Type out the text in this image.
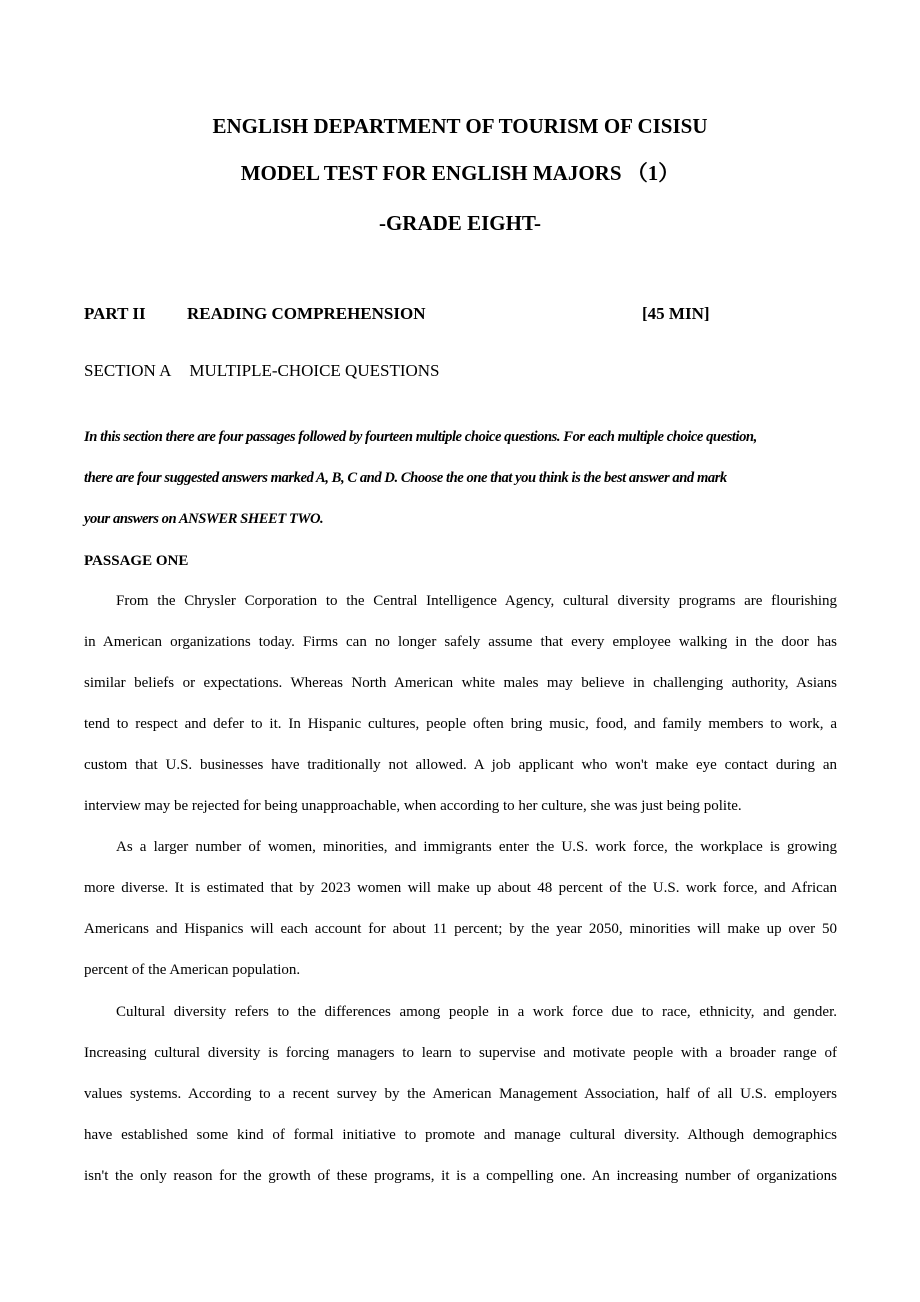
ENGLISH DEPARTMENT OF TOURISM OF CISISU
MODEL TEST FOR ENGLISH MAJORS （1）
-GRADE EIGHT-
PART II READING COMPREHENSION	[45 MIN]
SECTION A MULTIPLE-CHOICE QUESTIONS
In this section there are four passages followed by fourteen multiple choice questions. For each multiple choice question,
there are four suggested answers marked A, B, C and D. Choose the one that you think is the best answer and mark
your answers on ANSWER SHEET TWO.
PASSAGE ONE
From the Chrysler Corporation to the Central Intelligence Agency, cultural diversity programs are flourishing
in American organizations today. Firms can no longer safely assume that every employee walking in the door has
similar beliefs or expectations. Whereas North American white males may believe in challenging authority, Asians
tend to respect and defer to it. In Hispanic cultures, people often bring music, food, and family members to work, a
custom that U.S. businesses have traditionally not allowed. A job applicant who won't make eye contact during an
interview may be rejected for being unapproachable, when according to her culture, she was just being polite.
As a larger number of women, minorities, and immigrants enter the U.S. work force, the workplace is growing
more diverse. It is estimated that by 2023 women will make up about 48 percent of the U.S. work force, and African
Americans and Hispanics will each account for about 11 percent; by the year 2050, minorities will make up over 50
percent of the American population.
Cultural diversity refers to the differences among people in a work force due to race, ethnicity, and gender.
Increasing cultural diversity is forcing managers to learn to supervise and motivate people with a broader range of
values systems. According to a recent survey by the American Management Association, half of all U.S. employers
have established some kind of formal initiative to promote and manage cultural diversity. Although demographics
isn't the only reason for the growth of these programs, it is a compelling one. An increasing number of organizations
